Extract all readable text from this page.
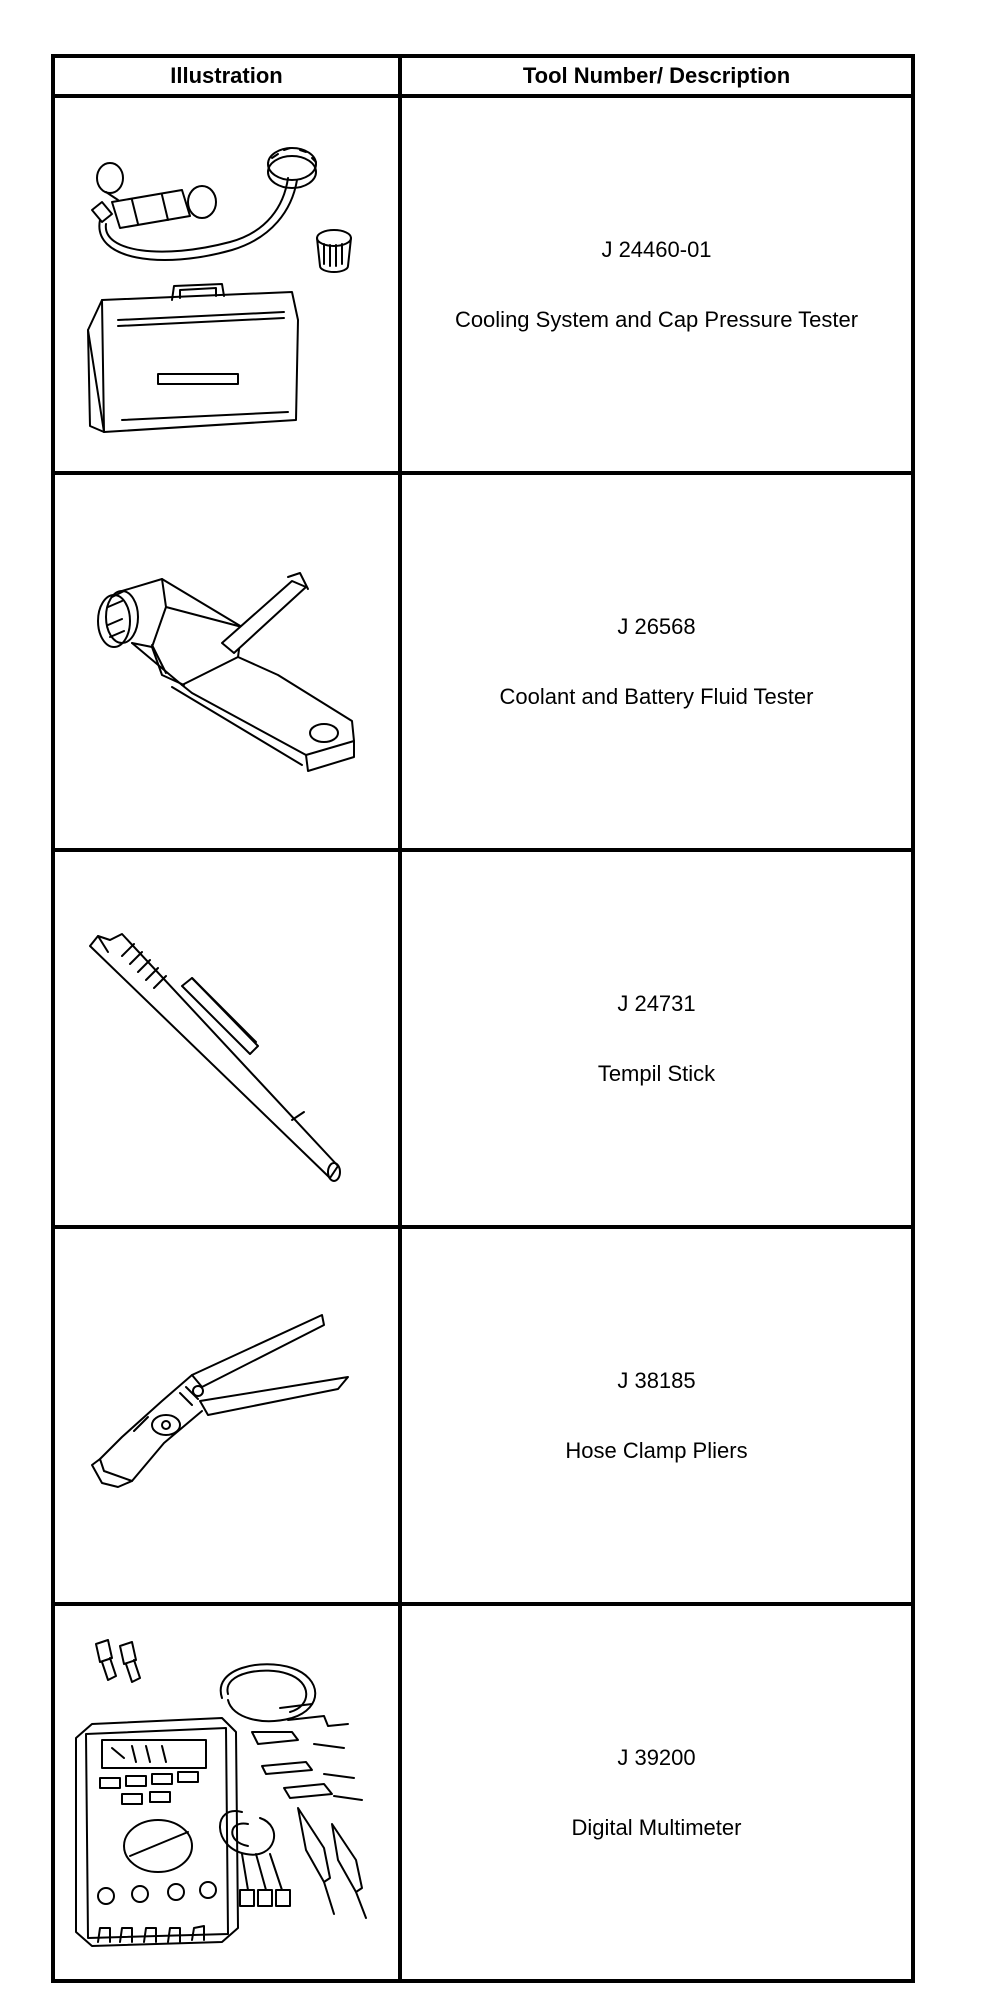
Illustration	Tool Number/ Description

J 24460-01
Cooling System and Cap Pressure Tester

J 26568
Coolant and Battery Fluid Tester

J 24731
Tempil Stick

J 38185
Hose Clamp Pliers

J 39200
Digital Multimeter
